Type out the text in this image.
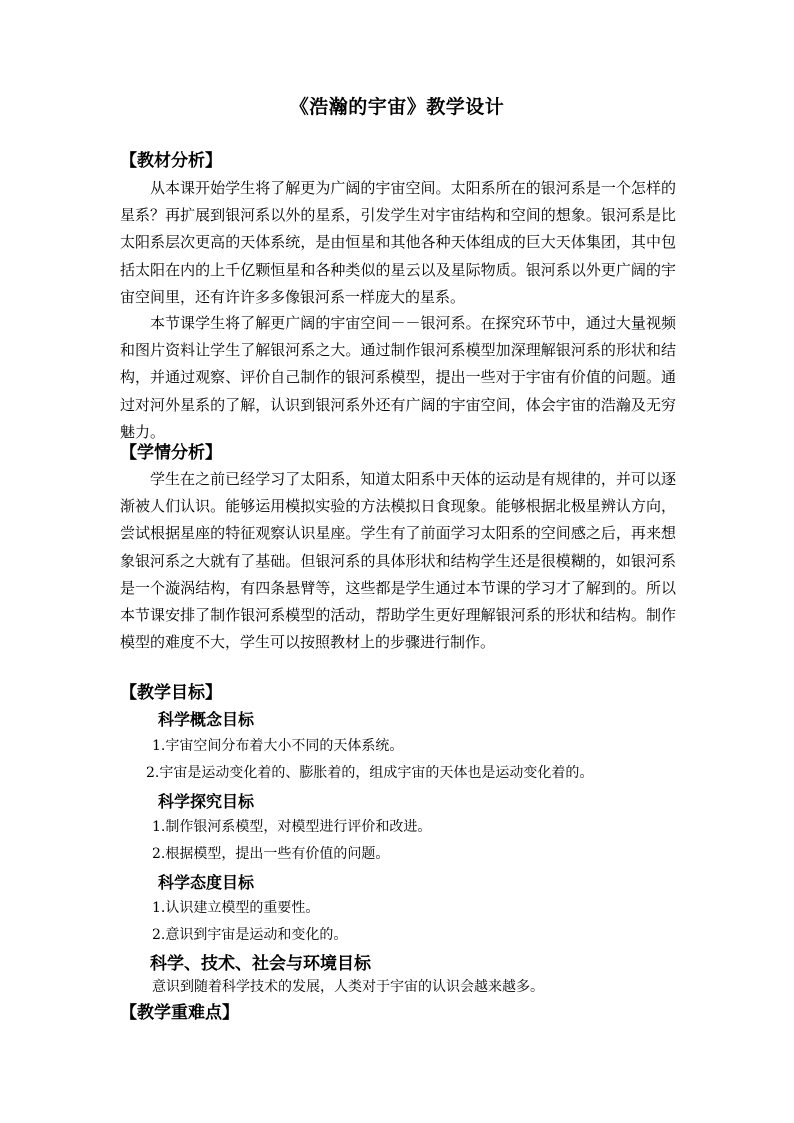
《浩瀚的宇宙》教学设计
【教材分析】

从本课开始学生将了解更为广阔的宇宙空间。太阳系所在的银河系是一个怎样的星系？再扩展到银河系以外的星系，引发学生对宇宙结构和空间的想象。银河系是比太阳系层次更高的天体系统，是由恒星和其他各种天体组成的巨大天体集团，其中包括太阳在内的上千亿颗恒星和各种类似的星云以及星际物质。银河系以外更广阔的宇宙空间里，还有许许多多像银河系一样庞大的星系。

本节课学生将了解更广阔的宇宙空间－－银河系。在探究环节中，通过大量视频和图片资料让学生了解银河系之大。通过制作银河系模型加深理解银河系的形状和结构，并通过观察、评价自己制作的银河系模型，提出一些对于宇宙有价值的问题。通过对河外星系的了解，认识到银河系外还有广阔的宇宙空间，体会宇宙的浩瀚及无穷魅力。

【学情分析】

学生在之前已经学习了太阳系，知道太阳系中天体的运动是有规律的，并可以逐渐被人们认识。能够运用模拟实验的方法模拟日食现象。能够根据北极星辨认方向，尝试根据星座的特征观察认识星座。学生有了前面学习太阳系的空间感之后，再来想象银河系之大就有了基础。但银河系的具体形状和结构学生还是很模糊的，如银河系是一个漩涡结构，有四条悬臂等，这些都是学生通过本节课的学习才了解到的。所以本节课安排了制作银河系模型的活动，帮助学生更好理解银河系的形状和结构。制作模型的难度不大，学生可以按照教材上的步骤进行制作。

【教学目标】
科学概念目标
1.宇宙空间分布着大小不同的天体系统。
2.宇宙是运动变化着的、膨胀着的，组成宇宙的天体也是运动变化着的。
科学探究目标
1.制作银河系模型，对模型进行评价和改进。
2.根据模型，提出一些有价值的问题。
科学态度目标
1.认识建立模型的重要性。
2.意识到宇宙是运动和变化的。
科学、技术、社会与环境目标
意识到随着科学技术的发展，人类对于宇宙的认识会越来越多。
【教学重难点】
